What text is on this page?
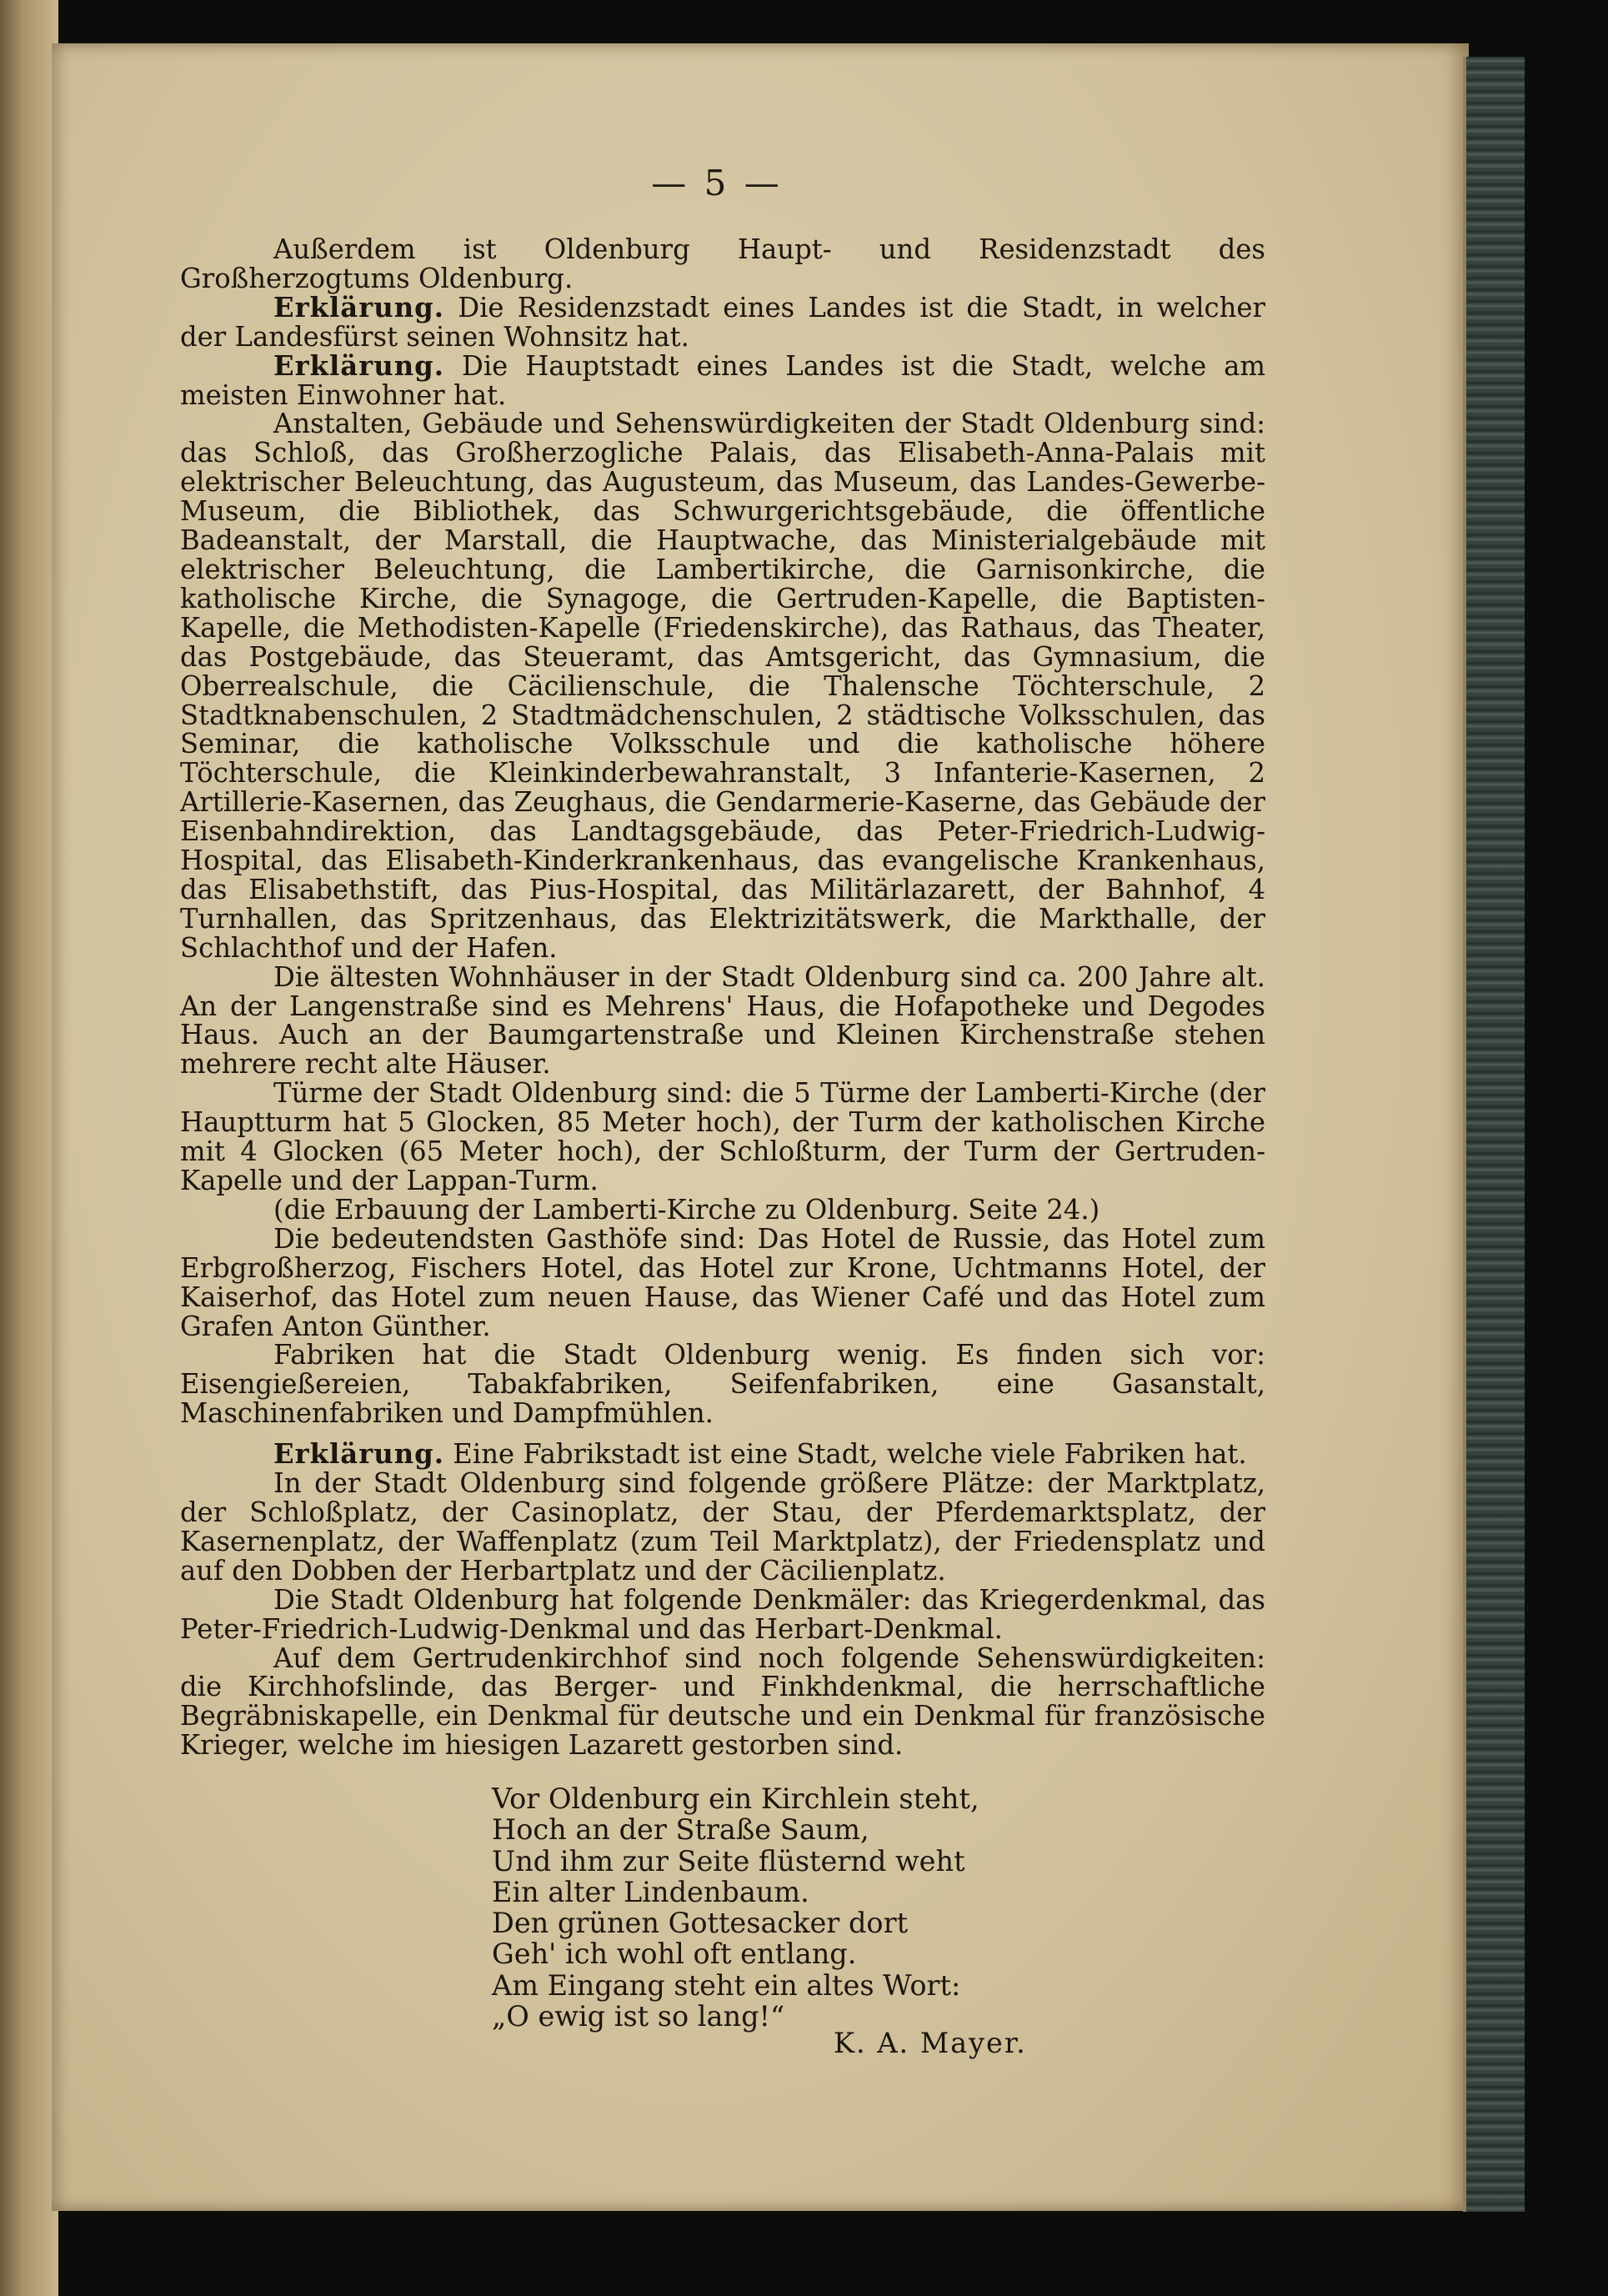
— 5 —

Außerdem ist Oldenburg Haupt- und Residenzstadt des Großherzogtums Oldenburg.

Erklärung. Die Residenzstadt eines Landes ist die Stadt, in welcher der Landesfürst seinen Wohnsitz hat.

Erklärung. Die Hauptstadt eines Landes ist die Stadt, welche am meisten Einwohner hat.

Anstalten, Gebäude und Sehenswürdigkeiten der Stadt Oldenburg sind: das Schloß, das Großherzogliche Palais, das Elisabeth-Anna-Palais mit elektrischer Beleuchtung, das Augusteum, das Museum, das Landes-Gewerbe-Museum, die Bibliothek, das Schwurgerichtsgebäude, die öffentliche Badeanstalt, der Marstall, die Hauptwache, das Ministerialgebäude mit elektrischer Beleuchtung, die Lambertikirche, die Garnisonkirche, die katholische Kirche, die Synagoge, die Gertruden-Kapelle, die Baptisten-Kapelle, die Methodisten-Kapelle (Friedenskirche), das Rathaus, das Theater, das Postgebäude, das Steueramt, das Amtsgericht, das Gymnasium, die Oberrealschule, die Cäcilienschule, die Thalensche Töchterschule, 2 Stadtknabenschulen, 2 Stadtmädchenschulen, 2 städtische Volksschulen, das Seminar, die katholische Volksschule und die katholische höhere Töchterschule, die Kleinkinderbewahranstalt, 3 Infanterie-Kasernen, 2 Artillerie-Kasernen, das Zeughaus, die Gendarmerie-Kaserne, das Gebäude der Eisenbahndirektion, das Landtagsgebäude, das Peter-Friedrich-Ludwig-Hospital, das Elisabeth-Kinderkrankenhaus, das evangelische Krankenhaus, das Elisabethstift, das Pius-Hospital, das Militärlazarett, der Bahnhof, 4 Turnhallen, das Spritzenhaus, das Elektrizitätswerk, die Markthalle, der Schlachthof und der Hafen.

Die ältesten Wohnhäuser in der Stadt Oldenburg sind ca. 200 Jahre alt. An der Langenstraße sind es Mehrens' Haus, die Hofapotheke und Degodes Haus. Auch an der Baumgartenstraße und Kleinen Kirchenstraße stehen mehrere recht alte Häuser.

Türme der Stadt Oldenburg sind: die 5 Türme der Lamberti-Kirche (der Hauptturm hat 5 Glocken, 85 Meter hoch), der Turm der katholischen Kirche mit 4 Glocken (65 Meter hoch), der Schloßturm, der Turm der Gertruden-Kapelle und der Lappan-Turm.

(die Erbauung der Lamberti-Kirche zu Oldenburg. Seite 24.)

Die bedeutendsten Gasthöfe sind: Das Hotel de Russie, das Hotel zum Erbgroßherzog, Fischers Hotel, das Hotel zur Krone, Uchtmanns Hotel, der Kaiserhof, das Hotel zum neuen Hause, das Wiener Café und das Hotel zum Grafen Anton Günther.

Fabriken hat die Stadt Oldenburg wenig. Es finden sich vor: Eisengießereien, Tabakfabriken, Seifenfabriken, eine Gasanstalt, Maschinenfabriken und Dampfmühlen.

Erklärung. Eine Fabrikstadt ist eine Stadt, welche viele Fabriken hat.

In der Stadt Oldenburg sind folgende größere Plätze: der Marktplatz, der Schloßplatz, der Casinoplatz, der Stau, der Pferdemarktsplatz, der Kasernenplatz, der Waffenplatz (zum Teil Marktplatz), der Friedensplatz und auf den Dobben der Herbartplatz und der Cäcilienplatz.

Die Stadt Oldenburg hat folgende Denkmäler: das Kriegerdenkmal, das Peter-Friedrich-Ludwig-Denkmal und das Herbart-Denkmal.

Auf dem Gertrudenkirchhof sind noch folgende Sehenswürdigkeiten: die Kirchhofslinde, das Berger- und Finkhdenkmal, die herrschaftliche Begräbniskapelle, ein Denkmal für deutsche und ein Denkmal für französische Krieger, welche im hiesigen Lazarett gestorben sind.

Vor Oldenburg ein Kirchlein steht,
Hoch an der Straße Saum,
Und ihm zur Seite flüsternd weht
Ein alter Lindenbaum.
Den grünen Gottesacker dort
Geh' ich wohl oft entlang.
Am Eingang steht ein altes Wort:
„O ewig ist so lang!“
K. A. Mayer.
